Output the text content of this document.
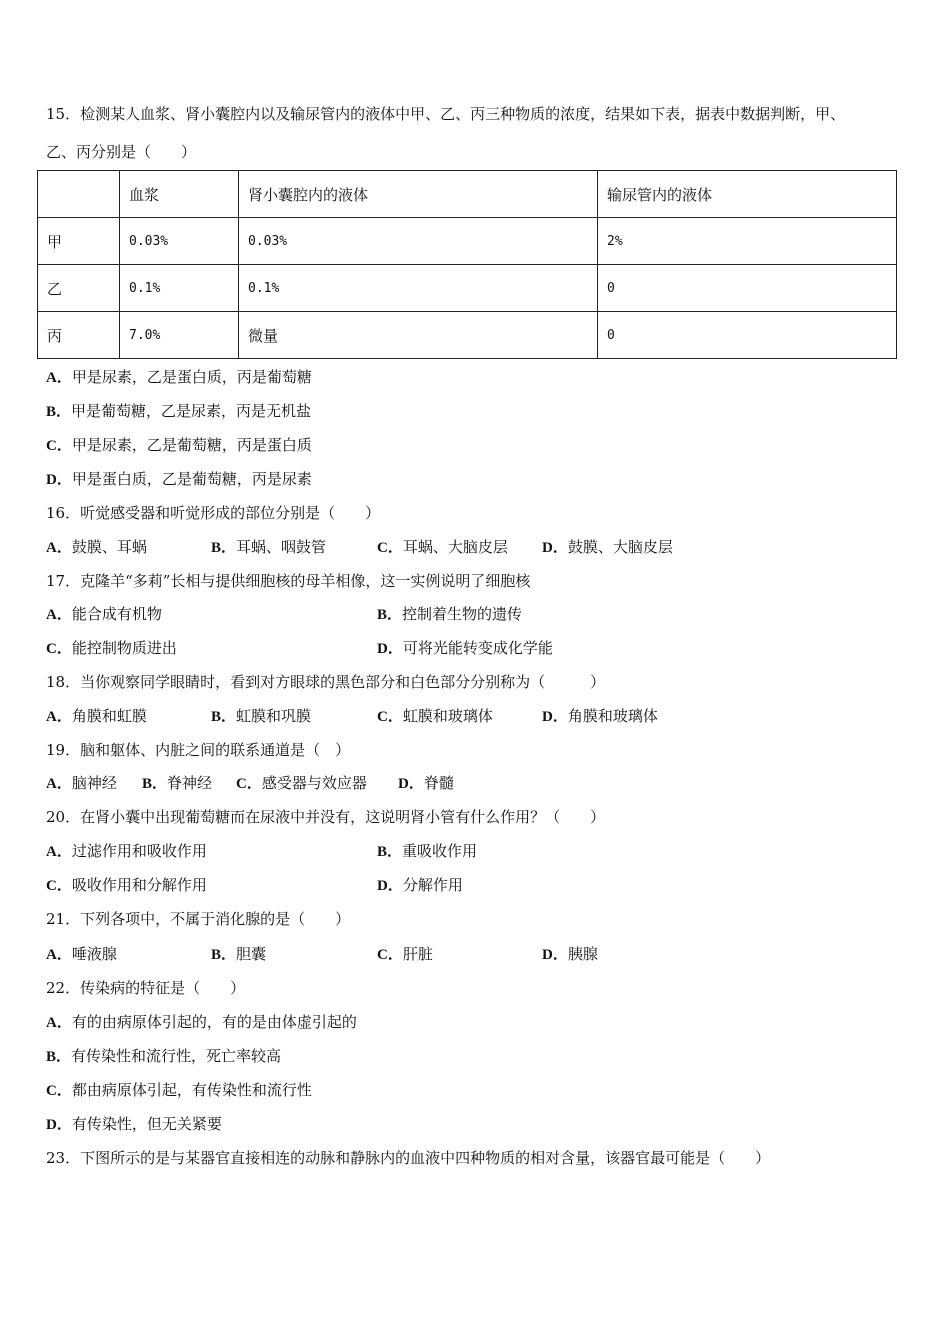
15．检测某人血浆、肾小囊腔内以及输尿管内的液体中甲、乙、丙三种物质的浓度，结果如下表，据表中数据判断，甲、
乙、丙分别是（　　）
	血浆	肾小囊腔内的液体	输尿管内的液体
甲	0.03%	0.03%	2%
乙	0.1%	0.1%	0
丙	7.0%	微量	0
A．甲是尿素，乙是蛋白质，丙是葡萄糖
B．甲是葡萄糖，乙是尿素，丙是无机盐
C．甲是尿素，乙是葡萄糖，丙是蛋白质
D．甲是蛋白质，乙是葡萄糖，丙是尿素
16．听觉感受器和听觉形成的部位分别是（　　）
A．鼓膜、耳蜗	B．耳蜗、咽鼓管	C．耳蜗、大脑皮层 D．鼓膜、大脑皮层
17．克隆羊“多莉”长相与提供细胞核的母羊相像，这一实例说明了细胞核
A．能合成有机物	B．控制着生物的遗传
C．能控制物质进出	D．可将光能转变成化学能
18．当你观察同学眼睛时，看到对方眼球的黑色部分和白色部分分别称为（　　　）
A．角膜和虹膜	B．虹膜和巩膜	C．虹膜和玻璃体	D．角膜和玻璃体
19．脑和躯体、内脏之间的联系通道是（　）
A．脑神经 B．脊神经 C．感受器与效应器 D．脊髓
20．在肾小囊中出现葡萄糖而在尿液中并没有，这说明肾小管有什么作用？（　　）
A．过滤作用和吸收作用	B．重吸收作用
C．吸收作用和分解作用	D．分解作用
21．下列各项中，不属于消化腺的是（　　）
A．唾液腺	B．胆囊	C．肝脏	D．胰腺
22．传染病的特征是（　　）
A．有的由病原体引起的，有的是由体虚引起的
B．有传染性和流行性，死亡率较高
C．都由病原体引起，有传染性和流行性
D．有传染性，但无关紧要
23．下图所示的是与某器官直接相连的动脉和静脉内的血液中四种物质的相对含量，该器官最可能是（　　）
